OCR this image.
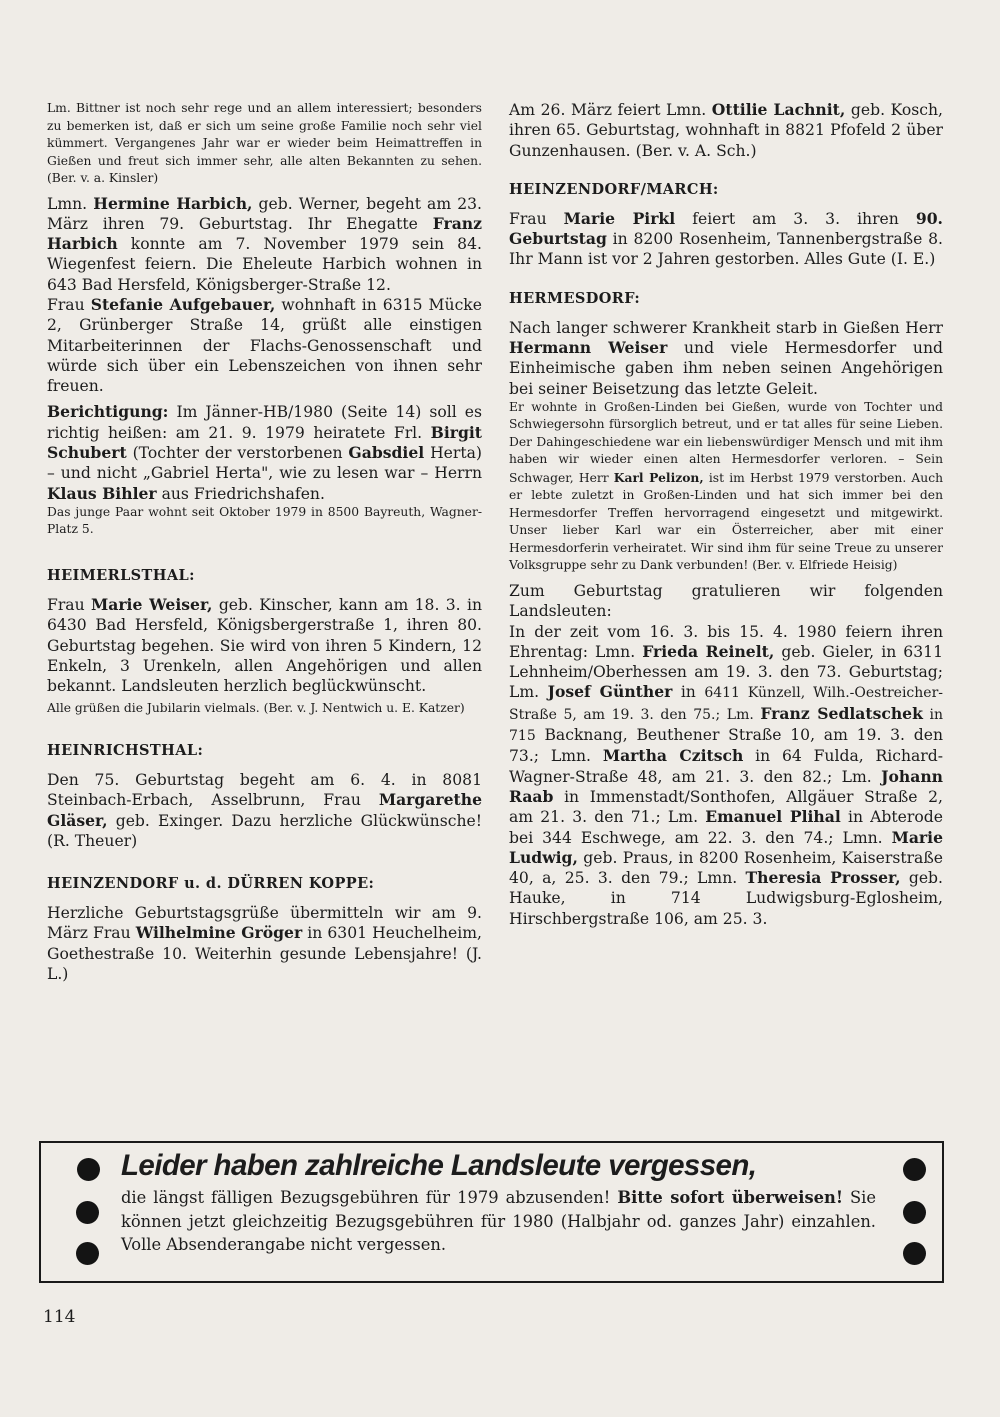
Lm. Bittner ist noch sehr rege und an allem interessiert; besonders zu bemerken ist, daß er sich um seine große Familie noch sehr viel kümmert. Vergangenes Jahr war er wieder beim Heimattreffen in Gießen und freut sich immer sehr, alle alten Bekannten zu sehen. (Ber. v. a. Kinsler)

Lmn. Hermine Harbich, geb. Werner, begeht am 23. März ihren 79. Geburtstag. Ihr Ehegatte Franz Harbich konnte am 7. November 1979 sein 84. Wiegenfest feiern. Die Eheleute Harbich wohnen in 643 Bad Hersfeld, Königsberger-Straße 12.

Frau Stefanie Aufgebauer, wohnhaft in 6315 Mücke 2, Grünberger Straße 14, grüßt alle einstigen Mitarbeiterinnen der Flachs-Genossenschaft und würde sich über ein Lebenszeichen von ihnen sehr freuen.

Berichtigung: Im Jänner-HB/1980 (Seite 14) soll es richtig heißen: am 21. 9. 1979 heiratete Frl. Birgit Schubert (Tochter der verstorbenen Gabsdiel Herta) – und nicht „Gabriel Herta", wie zu lesen war – Herrn Klaus Bihler aus Friedrichshafen.

Das junge Paar wohnt seit Oktober 1979 in 8500 Bayreuth, Wagner-Platz 5.

HEIMERLSTHAL:

Frau Marie Weiser, geb. Kinscher, kann am 18. 3. in 6430 Bad Hersfeld, Königsbergerstraße 1, ihren 80. Geburtstag begehen. Sie wird von ihren 5 Kindern, 12 Enkeln, 3 Urenkeln, allen Angehörigen und allen bekannt. Landsleuten herzlich beglückwünscht.

Alle grüßen die Jubilarin vielmals. (Ber. v. J. Nentwich u. E. Katzer)

HEINRICHSTHAL:

Den 75. Geburtstag begeht am 6. 4. in 8081 Steinbach-Erbach, Asselbrunn, Frau Margarethe Gläser, geb. Exinger. Dazu herzliche Glückwünsche! (R. Theuer)

HEINZENDORF u. d. DÜRREN KOPPE:

Herzliche Geburtstagsgrüße übermitteln wir am 9. März Frau Wilhelmine Gröger in 6301 Heuchelheim, Goethestraße 10. Weiterhin gesunde Lebensjahre! (J. L.)

Am 26. März feiert Lmn. Ottilie Lachnit, geb. Kosch, ihren 65. Geburtstag, wohnhaft in 8821 Pfofeld 2 über Gunzenhausen. (Ber. v. A. Sch.)

HEINZENDORF/MARCH:

Frau Marie Pirkl feiert am 3. 3. ihren 90. Geburtstag in 8200 Rosenheim, Tannenbergstraße 8. Ihr Mann ist vor 2 Jahren gestorben. Alles Gute (I. E.)

HERMESDORF:

Nach langer schwerer Krankheit starb in Gießen Herr Hermann Weiser und viele Hermesdorfer und Einheimische gaben ihm neben seinen Angehörigen bei seiner Beisetzung das letzte Geleit.

Er wohnte in Großen-Linden bei Gießen, wurde von Tochter und Schwiegersohn fürsorglich betreut, und er tat alles für seine Lieben. Der Dahingeschiedene war ein liebenswürdiger Mensch und mit ihm haben wir wieder einen alten Hermesdorfer verloren. – Sein Schwager, Herr Karl Pelizon, ist im Herbst 1979 verstorben. Auch er lebte zuletzt in Großen-Linden und hat sich immer bei den Hermesdorfer Treffen hervorragend eingesetzt und mitgewirkt. Unser lieber Karl war ein Österreicher, aber mit einer Hermesdorferin verheiratet. Wir sind ihm für seine Treue zu unserer Volksgruppe sehr zu Dank verbunden! (Ber. v. Elfriede Heisig)

Zum Geburtstag gratulieren wir folgenden Landsleuten:

In der zeit vom 16. 3. bis 15. 4. 1980 feiern ihren Ehrentag: Lmn. Frieda Reinelt, geb. Gieler, in 6311 Lehnheim/Oberhessen am 19. 3. den 73. Geburtstag; Lm. Josef Günther in 6411 Künzell, Wilh.-Oestreicher-Straße 5, am 19. 3. den 75.; Lm. Franz Sedlatschek in 715 Backnang, Beuthener Straße 10, am 19. 3. den 73.; Lmn. Martha Czitsch in 64 Fulda, Richard-Wagner-Straße 48, am 21. 3. den 82.; Lm. Johann Raab in Immenstadt/Sonthofen, Allgäuer Straße 2, am 21. 3. den 71.; Lm. Emanuel Plihal in Abterode bei 344 Eschwege, am 22. 3. den 74.; Lmn. Marie Ludwig, geb. Praus, in 8200 Rosenheim, Kaiserstraße 40, a, 25. 3. den 79.; Lmn. Theresia Prosser, geb. Hauke, in 714 Ludwigsburg-Eglosheim, Hirschbergstraße 106, am 25. 3.

Leider haben zahlreiche Landsleute vergessen,

die längst fälligen Bezugsgebühren für 1979 abzusenden! Bitte sofort überweisen! Sie können jetzt gleichzeitig Bezugsgebühren für 1980 (Halbjahr od. ganzes Jahr) einzahlen. Volle Absenderangabe nicht vergessen.

114
